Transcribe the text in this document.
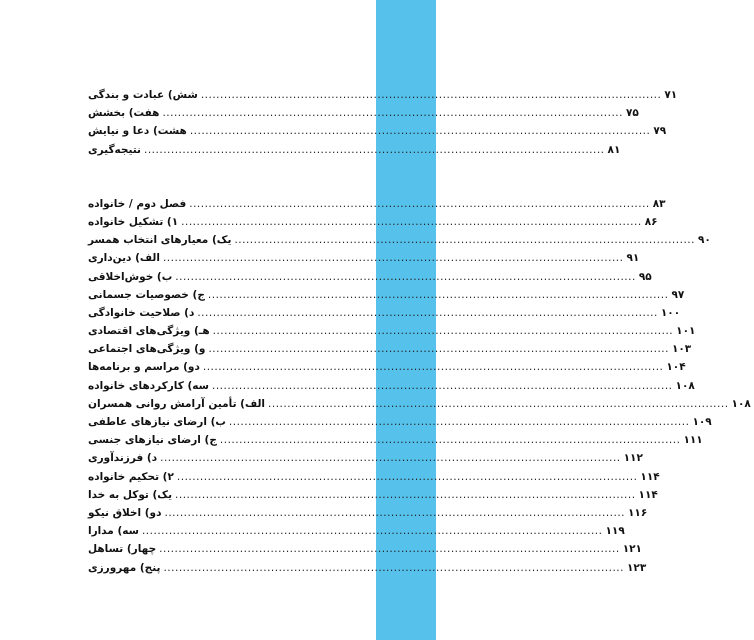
شش) عبادت و بندگی ........................................................................................................................ ۷۱
هفت) بخشش ........................................................................................................................ ۷۵
هشت) دعا و نیایش ........................................................................................................................ ۷۹
نتیجه‌گیری ........................................................................................................................ ۸۱
فصل دوم / خانواده ........................................................................................................................ ۸۳
۱) تشکیل خانواده ........................................................................................................................ ۸۶
یک) معیارهای انتخاب همسر ........................................................................................................................ ۹۰
الف) دین‌داری ........................................................................................................................ ۹۱
ب) خوش‌اخلاقی ........................................................................................................................ ۹۵
ج) خصوصیات جسمانی ........................................................................................................................ ۹۷
د) صلاحیت خانوادگی ........................................................................................................................ ۱۰۰
هـ) ویژگی‌های اقتصادی ........................................................................................................................ ۱۰۱
و) ویژگی‌های اجتماعی ........................................................................................................................ ۱۰۳
دو) مراسم و برنامه‌ها ........................................................................................................................ ۱۰۴
سه) کارکردهای خانواده ........................................................................................................................ ۱۰۸
الف) تأمین آرامش روانی همسران ........................................................................................................................ ۱۰۸
ب) ارضای نیازهای عاطفی ........................................................................................................................ ۱۰۹
ج) ارضای نیازهای جنسی ........................................................................................................................ ۱۱۱
د) فرزندآوری ........................................................................................................................ ۱۱۲
۲) تحکیم خانواده ........................................................................................................................ ۱۱۴
یک) توکل به خدا ........................................................................................................................ ۱۱۴
دو) اخلاق نیکو ........................................................................................................................ ۱۱۶
سه) مدارا ........................................................................................................................ ۱۱۹
چهار) تساهل ........................................................................................................................ ۱۲۱
پنج) مهرورزی ........................................................................................................................ ۱۲۳
